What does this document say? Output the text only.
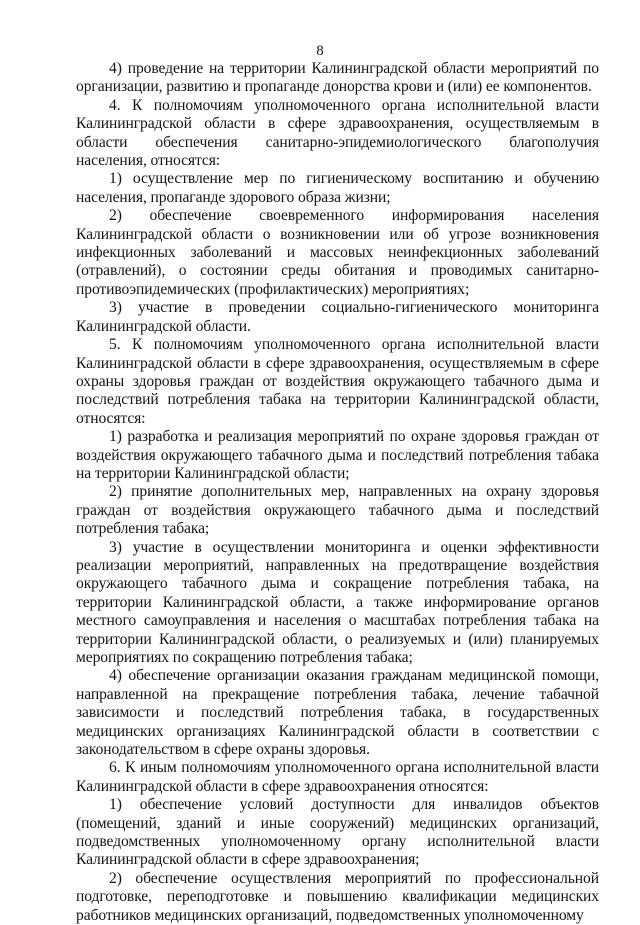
8

4) проведение на территории Калининградской области мероприятий по организации, развитию и пропаганде донорства крови и (или) ее компонентов.

4. К полномочиям уполномоченного органа исполнительной власти Калининградской области в сфере здравоохранения, осуществляемым в области обеспечения санитарно-эпидемиологического благополучия населения, относятся:

1) осуществление мер по гигиеническому воспитанию и обучению населения, пропаганде здорового образа жизни;

2) обеспечение своевременного информирования населения Калининградской области о возникновении или об угрозе возникновения инфекционных заболеваний и массовых неинфекционных заболеваний (отравлений), о состоянии среды обитания и проводимых санитарно-противоэпидемических (профилактических) мероприятиях;

3) участие в проведении социально-гигиенического мониторинга Калининградской области.

5. К полномочиям уполномоченного органа исполнительной власти Калининградской области в сфере здравоохранения, осуществляемым в сфере охраны здоровья граждан от воздействия окружающего табачного дыма и последствий потребления табака на территории Калининградской области, относятся:

1) разработка и реализация мероприятий по охране здоровья граждан от воздействия окружающего табачного дыма и последствий потребления табака на территории Калининградской области;

2) принятие дополнительных мер, направленных на охрану здоровья граждан от воздействия окружающего табачного дыма и последствий потребления табака;

3) участие в осуществлении мониторинга и оценки эффективности реализации мероприятий, направленных на предотвращение воздействия окружающего табачного дыма и сокращение потребления табака, на территории Калининградской области, а также информирование органов местного самоуправления и населения о масштабах потребления табака на территории Калининградской области, о реализуемых и (или) планируемых мероприятиях по сокращению потребления табака;

4) обеспечение организации оказания гражданам медицинской помощи, направленной на прекращение потребления табака, лечение табачной зависимости и последствий потребления табака, в государственных медицинских организациях Калининградской области в соответствии с законодательством в сфере охраны здоровья.

6. К иным полномочиям уполномоченного органа исполнительной власти Калининградской области в сфере здравоохранения относятся:

1) обеспечение условий доступности для инвалидов объектов (помещений, зданий и иные сооружений) медицинских организаций, подведомственных уполномоченному органу исполнительной власти Калининградской области в сфере здравоохранения;

2) обеспечение осуществления мероприятий по профессиональной подготовке, переподготовке и повышению квалификации медицинских работников медицинских организаций, подведомственных уполномоченному
